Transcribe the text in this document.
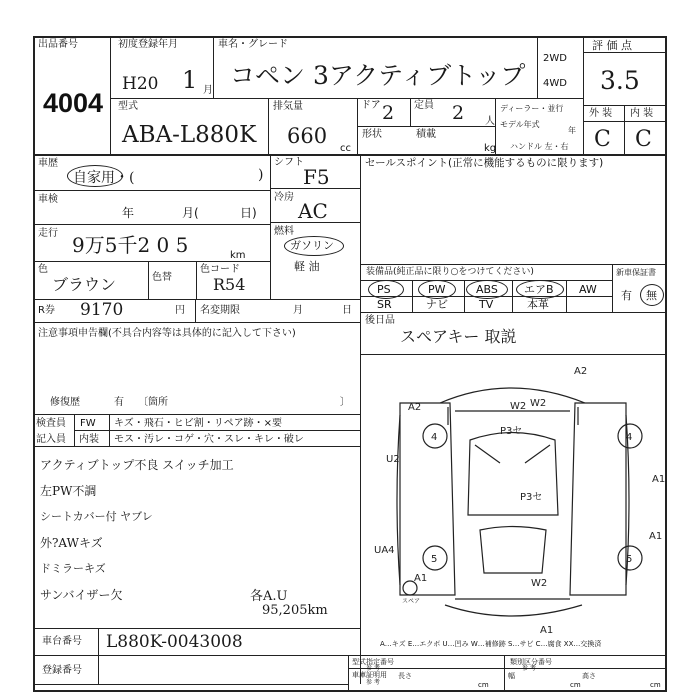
出品番号
4004
初度登録年月
H20 1 月
車名・グレード
コペン 3アクティブトップ
2WD
4WD
評 価 点
3.5
外 装 内 装
C C
型式
ABA-L880K
排気量
660
cc
ドア 2 定員 2 人
形状	積載
kg
ディーラー・並行
モデル年式
年
ハンドル 左・右
車歴
自家用・(	)
車検
年	月(	日)
走行 9万5千2 0 5	km
色
ブラウン	色替
色コード
R54
シフト
F5
冷房
AC
燃料
ガソリン
軽 油
セールスポイント(正常に機能するものに限ります)
装備品(純正品に限り○をつけてください)	新車保証書
PS	PW	ABS エアB AW
SR	ナビ	TV	本革
有 無
R券 9170	円 名変期限	月	日
注意事項申告欄(不具合内容等は具体的に記入して下さい)
修復歴	有 〔箇所	〕
後日品
スペアキー 取説
検査員
記入員
FW
内装
キズ・飛石・ヒビ割・リペア跡・×要
モス・汚レ・コゲ・穴・スレ・キレ・破レ
アクティブトップ不良 スイッチ加工
左PW不調
シートカバー付 ヤブレ
外?AWキズ
ドミラーキズ
サンバイザー欠	各A.U
95,205km
A2
A2	W2
W2
P3セ
P3セ
U2
A1
UA4
W2
A1
A1
A1
4	4
5	5
スペア
A…キズ E…エクボ U…凹み W…補修跡 S…サビ C…腐食 XX…交換済
車台番号 L880K-0043008
登録番号
型式指定番号
参 考
類別区分番号
参 考
車庫証明用
参 考
長さ
cm
幅
cm
高さ
cm
